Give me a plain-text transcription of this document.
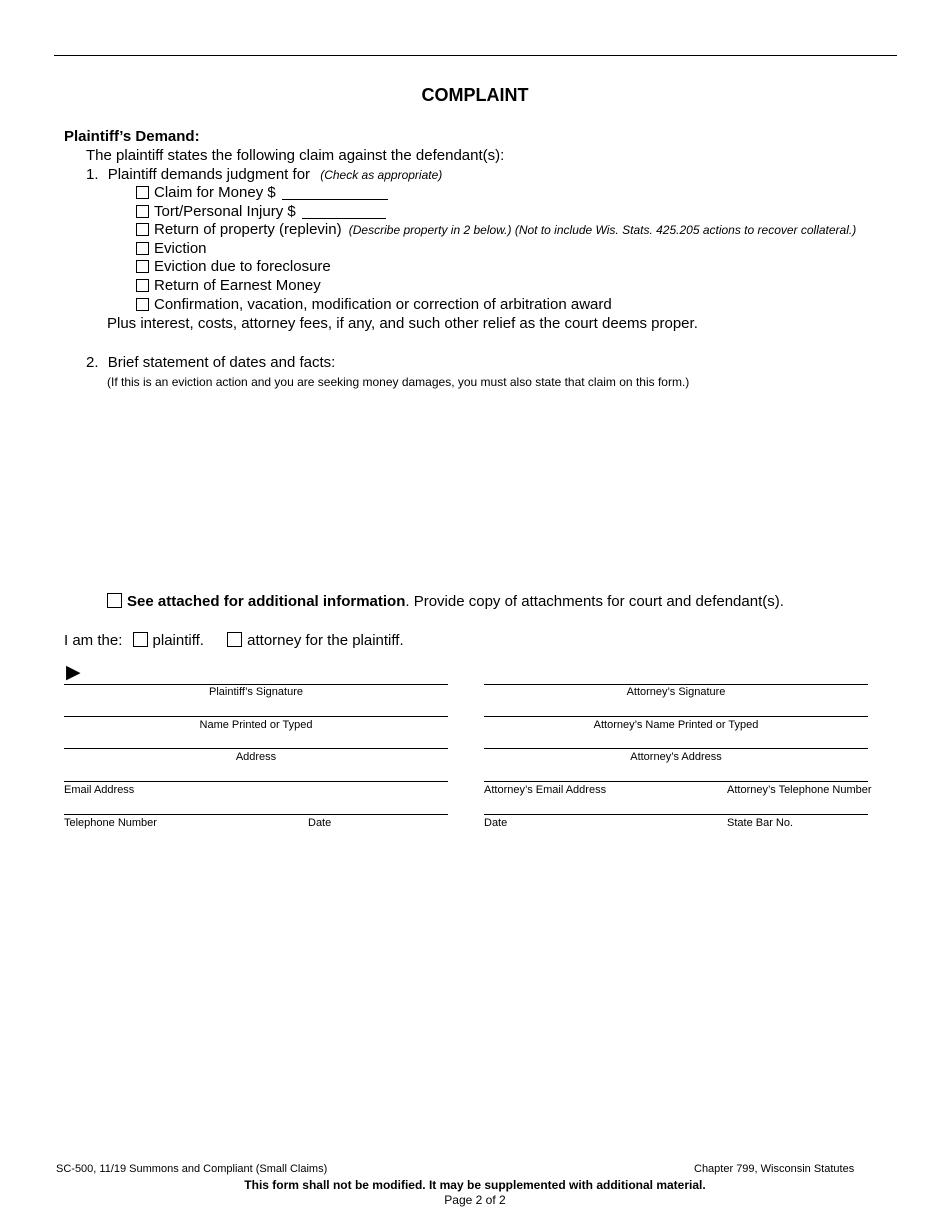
COMPLAINT
Plaintiff’s Demand:
The plaintiff states the following claim against the defendant(s):
1. Plaintiff demands judgment for (Check as appropriate)
Claim for Money $
Tort/Personal Injury $
Return of property (replevin) (Describe property in 2 below.) (Not to include Wis. Stats. 425.205 actions to recover collateral.)
Eviction
Eviction due to foreclosure
Return of Earnest Money
Confirmation, vacation, modification or correction of arbitration award
Plus interest, costs, attorney fees, if any, and such other relief as the court deems proper.
2. Brief statement of dates and facts:
(If this is an eviction action and you are seeking money damages, you must also state that claim on this form.)
See attached for additional information. Provide copy of attachments for court and defendant(s).
I am the: plaintiff.	attorney for the plaintiff.
▶
Plaintiff’s Signature
Name Printed or Typed
Address
Email Address
Telephone Number	Date
Attorney’s Signature
Attorney’s Name Printed or Typed
Attorney’s Address
Attorney’s Email Address	Attorney’s Telephone Number
Date	State Bar No.
SC-500, 11/19 Summons and Compliant (Small Claims)	Chapter 799, Wisconsin Statutes
This form shall not be modified. It may be supplemented with additional material.
Page 2 of 2
